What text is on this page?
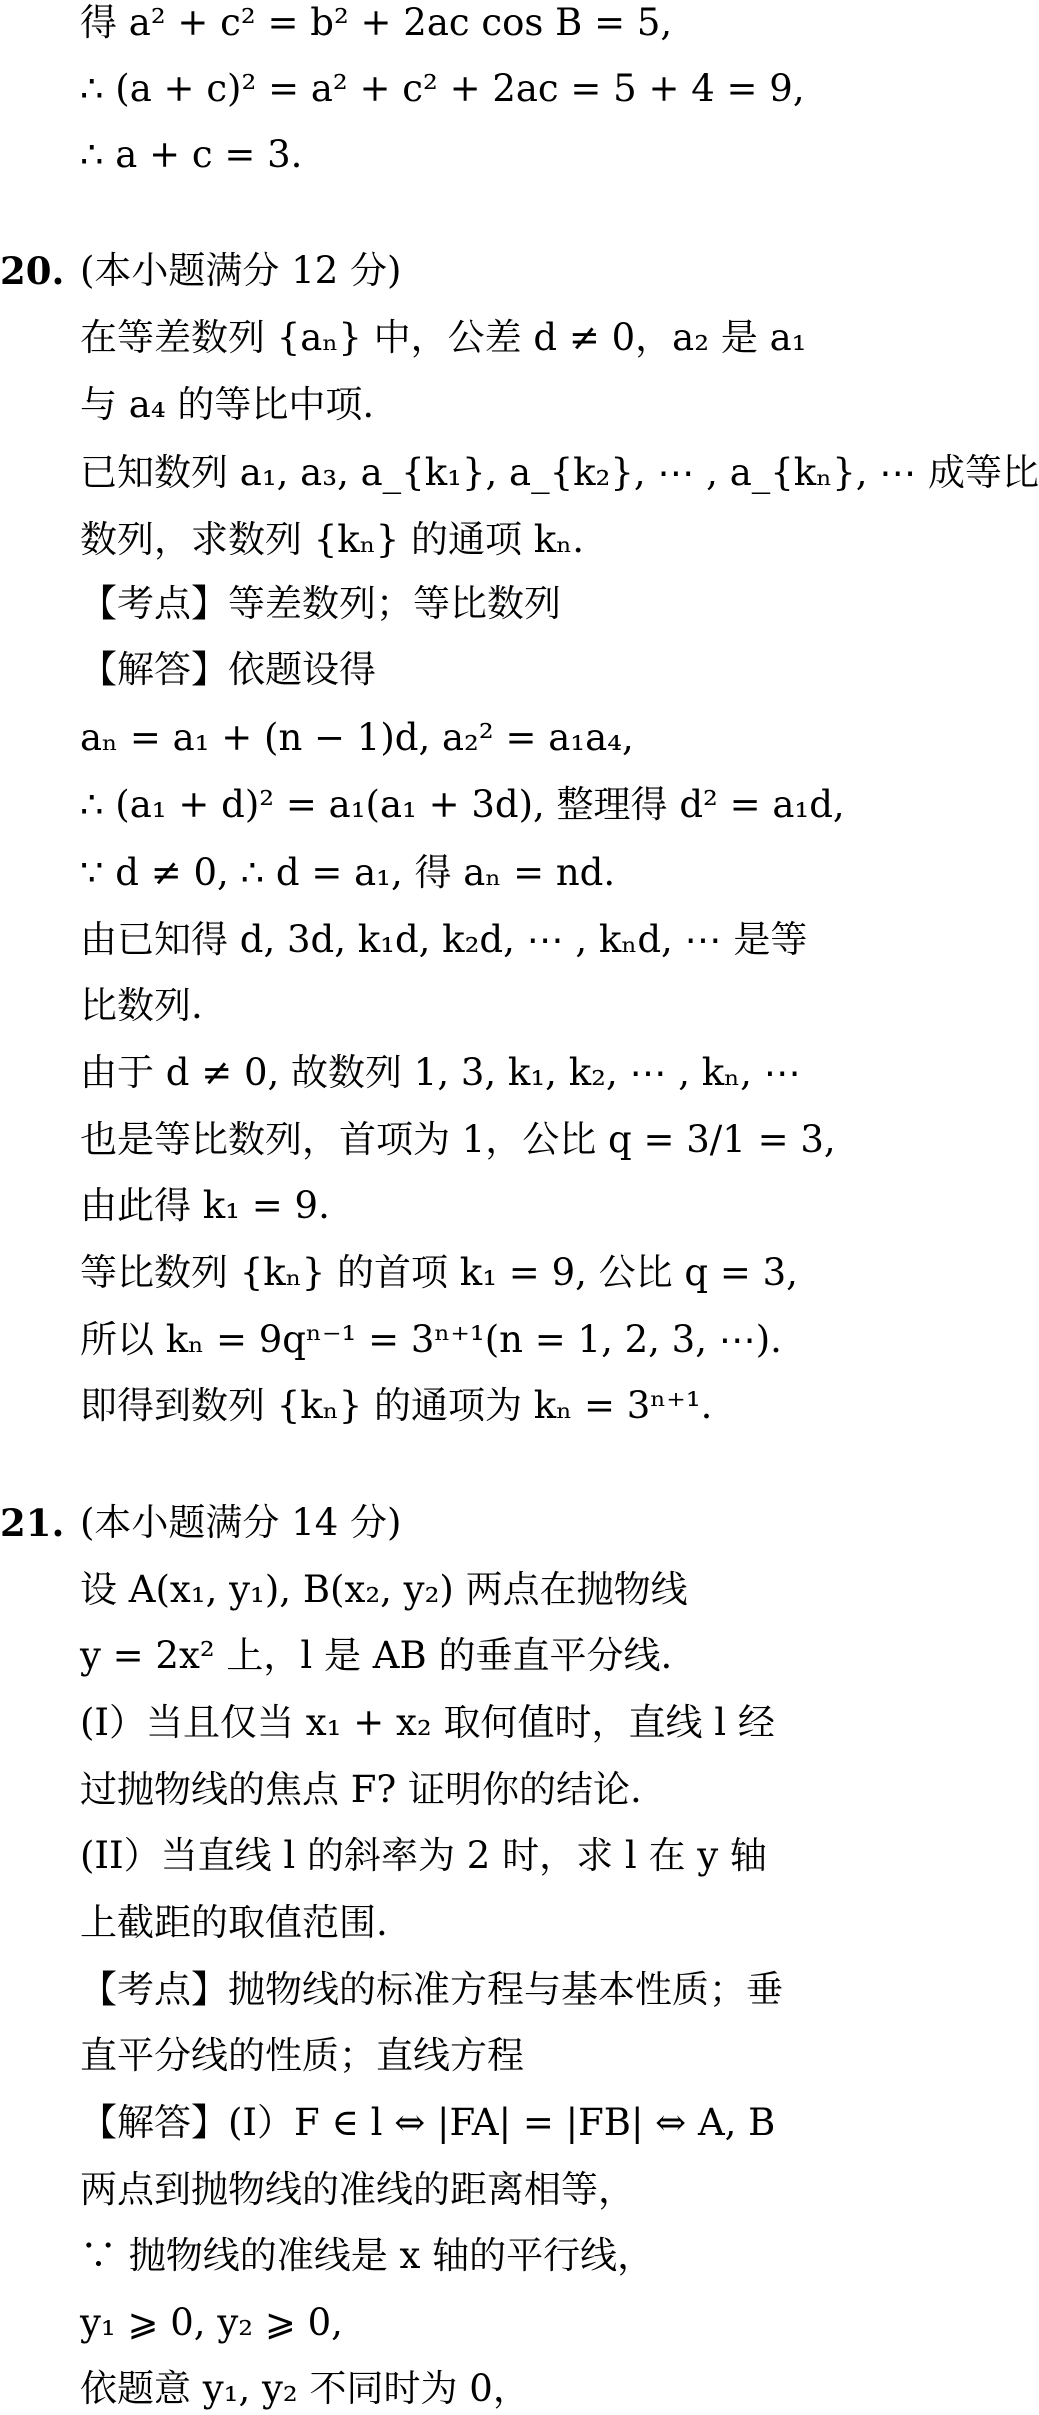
得 a² + c² = b² + 2ac cos B = 5,
∴ (a + c)² = a² + c² + 2ac = 5 + 4 = 9,
∴ a + c = 3.
20. (本小题满分 12 分)
在等差数列 {aₙ} 中，公差 d ≠ 0，a₂ 是 a₁
与 a₄ 的等比中项.
已知数列 a₁, a₃, a_{k₁}, a_{k₂}, ⋯ , a_{kₙ}, ⋯ 成等比
数列，求数列 {kₙ} 的通项 kₙ.
【考点】等差数列；等比数列
【解答】依题设得
aₙ = a₁ + (n − 1)d, a₂² = a₁a₄,
∴ (a₁ + d)² = a₁(a₁ + 3d), 整理得 d² = a₁d,
∵ d ≠ 0, ∴ d = a₁, 得 aₙ = nd.
由已知得 d, 3d, k₁d, k₂d, ⋯ , kₙd, ⋯ 是等
比数列.
由于 d ≠ 0, 故数列 1, 3, k₁, k₂, ⋯ , kₙ, ⋯
也是等比数列，首项为 1，公比 q = 3/1 = 3,
由此得 k₁ = 9.
等比数列 {kₙ} 的首项 k₁ = 9, 公比 q = 3,
所以 kₙ = 9qⁿ⁻¹ = 3ⁿ⁺¹(n = 1, 2, 3, ⋯).
即得到数列 {kₙ} 的通项为 kₙ = 3ⁿ⁺¹.
21. (本小题满分 14 分)
设 A(x₁, y₁), B(x₂, y₂) 两点在抛物线
y = 2x² 上，l 是 AB 的垂直平分线.
(I）当且仅当 x₁ + x₂ 取何值时，直线 l 经
过抛物线的焦点 F? 证明你的结论.
(II）当直线 l 的斜率为 2 时，求 l 在 y 轴
上截距的取值范围.
【考点】抛物线的标准方程与基本性质；垂
直平分线的性质；直线方程
【解答】(I）F ∈ l ⇔ |FA| = |FB| ⇔ A, B
两点到抛物线的准线的距离相等，
∵ 抛物线的准线是 x 轴的平行线，
y₁ ⩾ 0, y₂ ⩾ 0,
依题意 y₁, y₂ 不同时为 0，
